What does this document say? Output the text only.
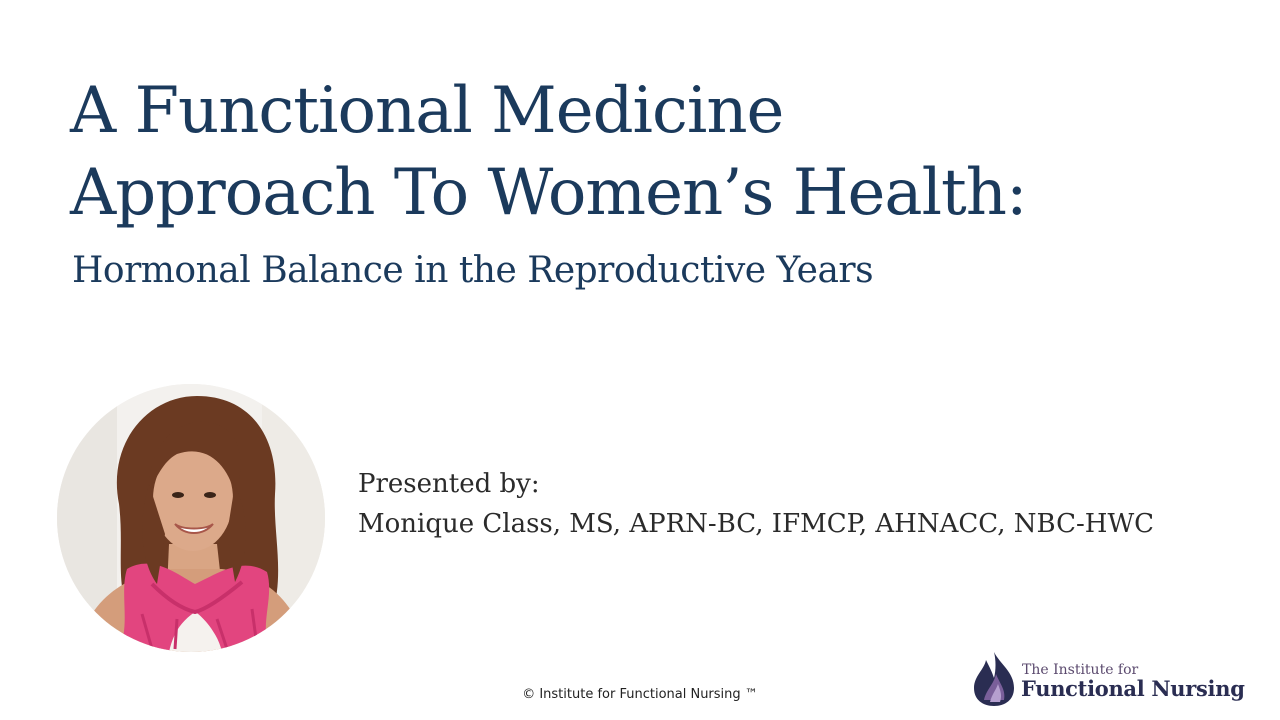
A Functional Medicine
Approach To Women’s Health:
Hormonal Balance in the Reproductive Years
Presented by:
Monique Class, MS, APRN-BC, IFMCP, AHNACC, NBC-HWC
© Institute for Functional Nursing ™
The Institute for
Functional Nursing
